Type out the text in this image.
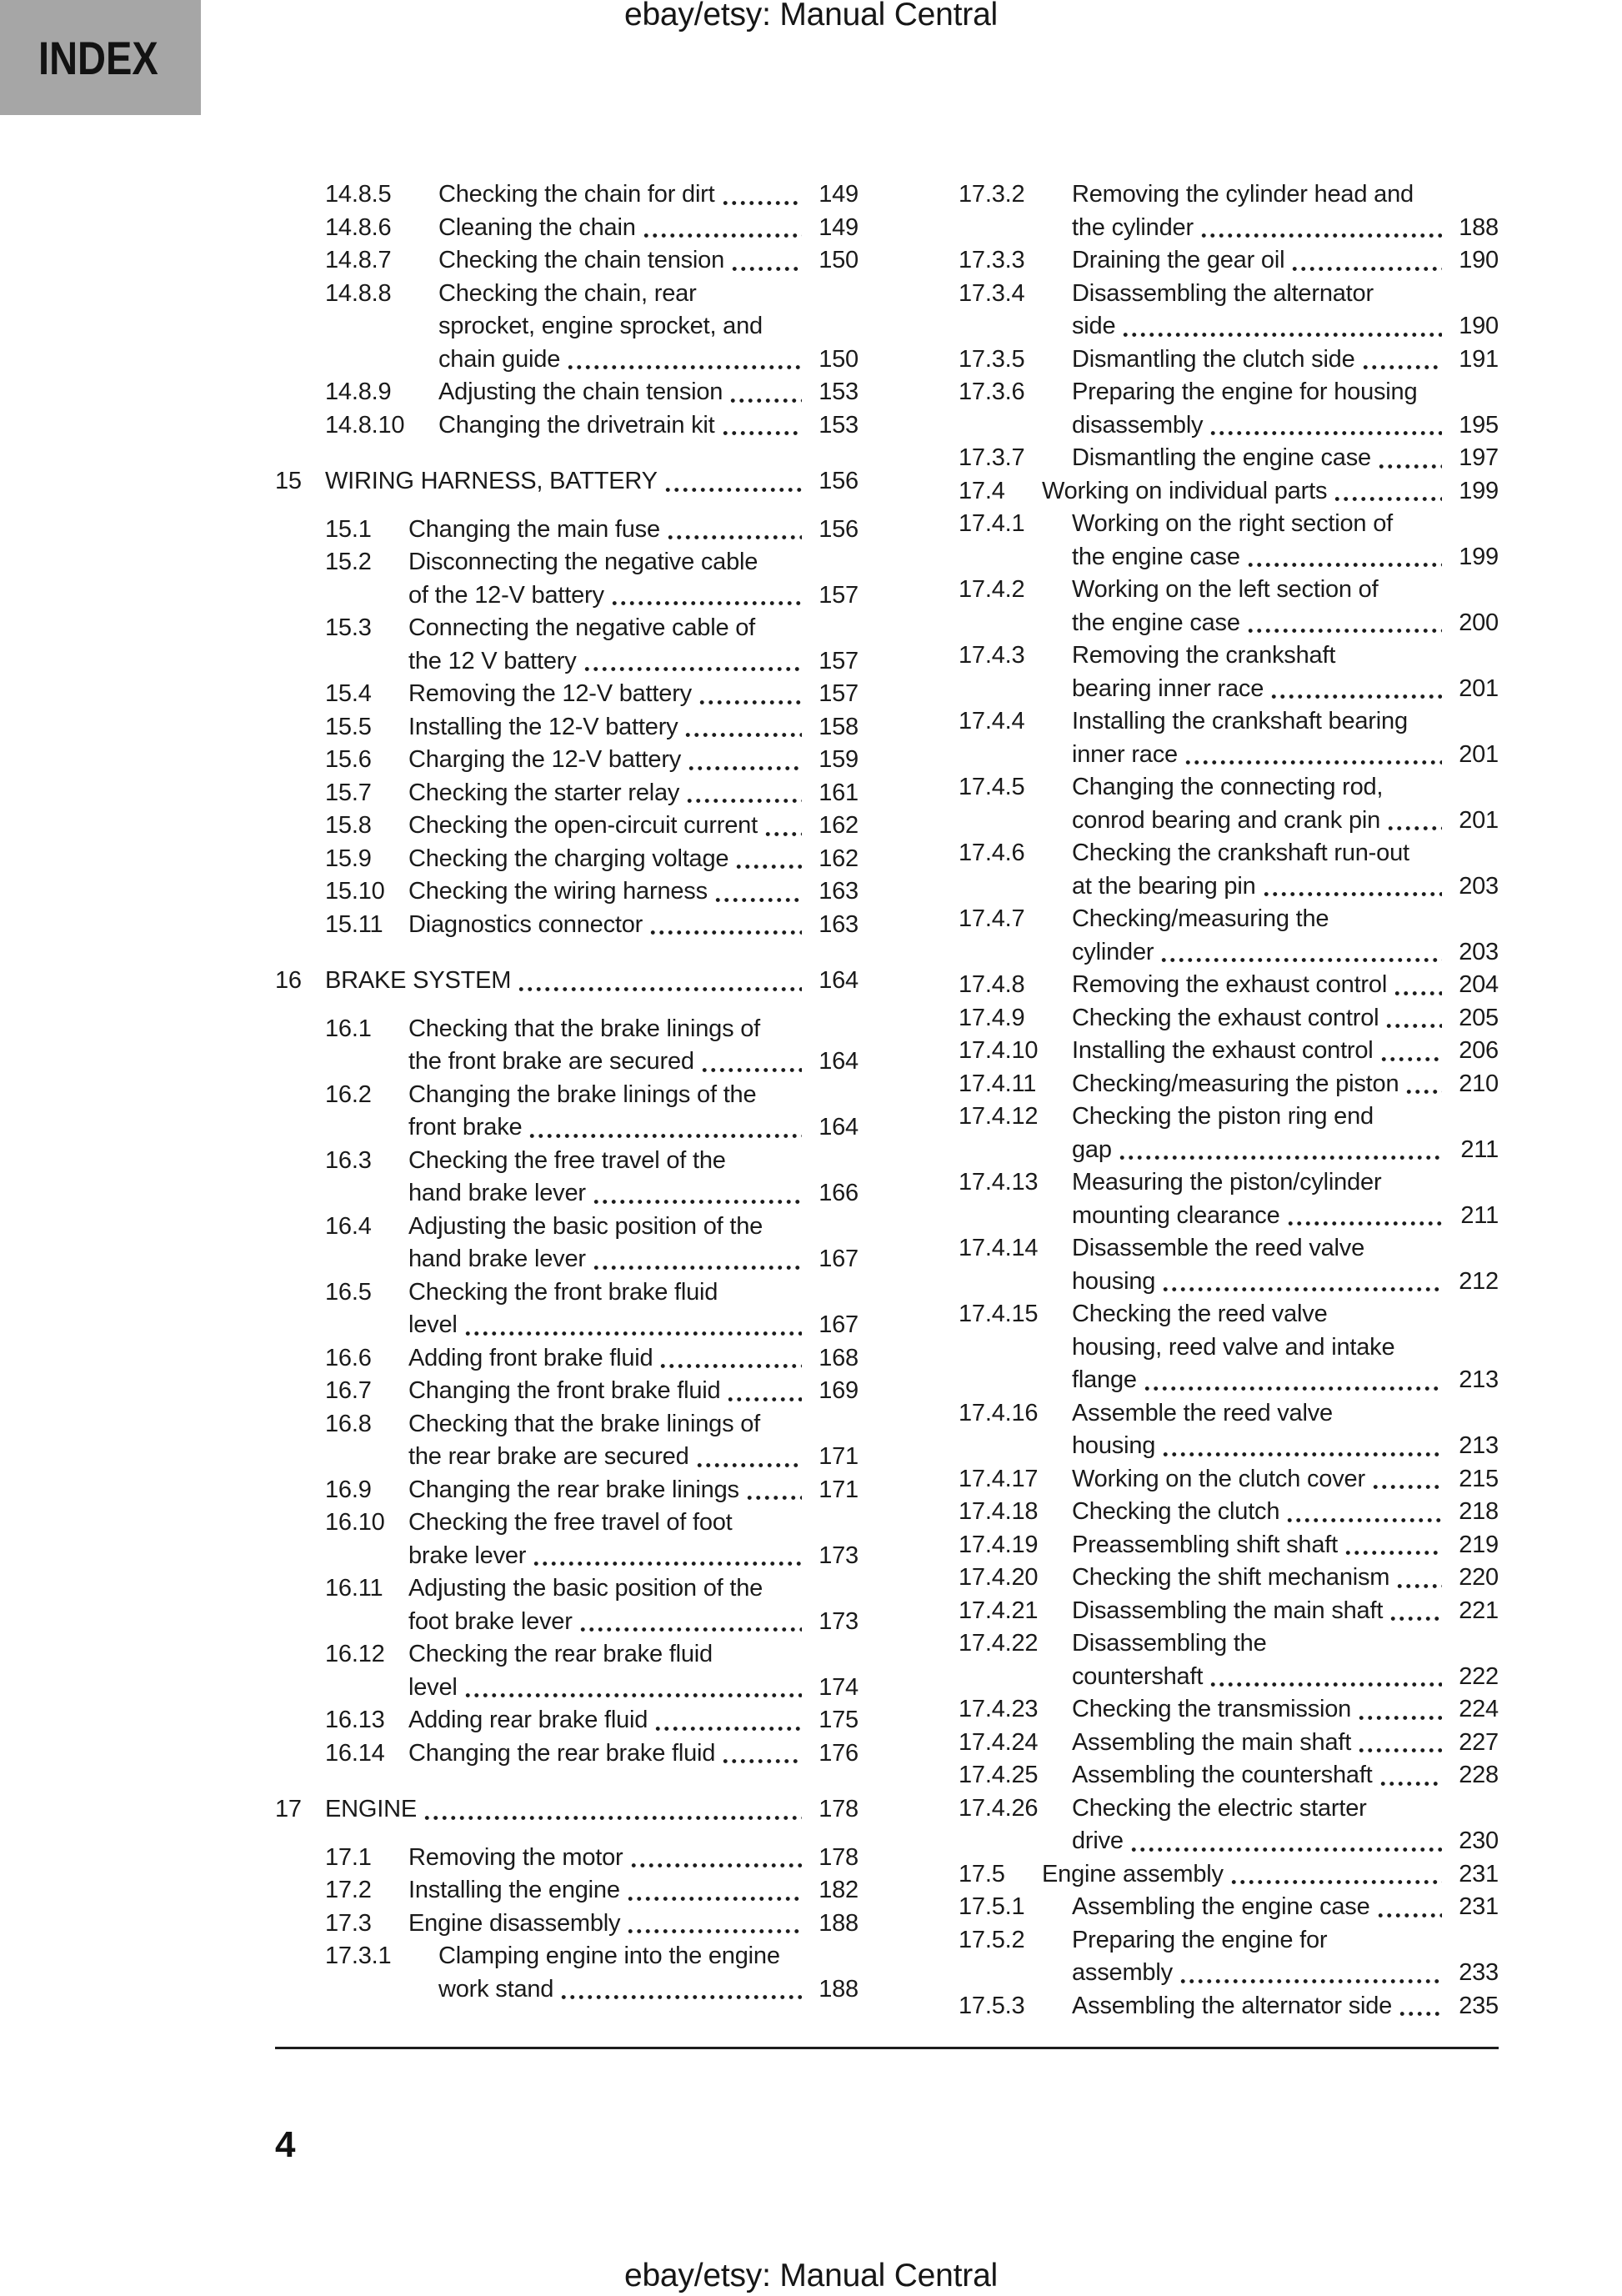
INDEX
ebay/etsy: Manual Central
14.8.5	Checking the chain for dirt	149
14.8.6	Cleaning the chain	149
14.8.7	Checking the chain tension	150
14.8.8	Checking the chain, rear
sprocket, engine sprocket, and
chain guide	150
14.8.9	Adjusting the chain tension	153
14.8.10	Changing the drivetrain kit	153
15 WIRING HARNESS, BATTERY	156
15.1	Changing the main fuse	156
15.2	Disconnecting the negative cable
of the 12-V battery	157
15.3	Connecting the negative cable of
the 12 V battery	157
15.4	Removing the 12-V battery	157
15.5	Installing the 12-V battery	158
15.6	Charging the 12-V battery	159
15.7	Checking the starter relay	161
15.8	Checking the open-circuit current	162
15.9	Checking the charging voltage	162
15.10 Checking the wiring harness	163
15.11	Diagnostics connector	163
16 BRAKE SYSTEM	164
16.1	Checking that the brake linings of
the front brake are secured	164
16.2	Changing the brake linings of the
front brake	164
16.3	Checking the free travel of the
hand brake lever	166
16.4	Adjusting the basic position of the
hand brake lever	167
16.5	Checking the front brake fluid
level	167
16.6	Adding front brake fluid	168
16.7	Changing the front brake fluid	169
16.8	Checking that the brake linings of
the rear brake are secured	171
16.9	Changing the rear brake linings	171
16.10 Checking the free travel of foot
brake lever	173
16.11	Adjusting the basic position of the
foot brake lever	173
16.12 Checking the rear brake fluid
level	174
16.13 Adding rear brake fluid	175
16.14 Changing the rear brake fluid	176
17 ENGINE	178
17.1	Removing the motor	178
17.2	Installing the engine	182
17.3	Engine disassembly	188
17.3.1	Clamping engine into the engine
work stand	188
17.3.2	Removing the cylinder head and
the cylinder	188
17.3.3	Draining the gear oil	190
17.3.4	Disassembling the alternator
side	190
17.3.5	Dismantling the clutch side	191
17.3.6	Preparing the engine for housing
disassembly	195
17.3.7	Dismantling the engine case	197
17.4	Working on individual parts	199
17.4.1	Working on the right section of
the engine case	199
17.4.2	Working on the left section of
the engine case	200
17.4.3	Removing the crankshaft
bearing inner race	201
17.4.4	Installing the crankshaft bearing
inner race	201
17.4.5	Changing the connecting rod,
conrod bearing and crank pin	201
17.4.6	Checking the crankshaft run-out
at the bearing pin	203
17.4.7	Checking/measuring the
cylinder	203
17.4.8	Removing the exhaust control	204
17.4.9	Checking the exhaust control	205
17.4.10	Installing the exhaust control	206
17.4.11	Checking/measuring the piston	210
17.4.12	Checking the piston ring end
gap	211
17.4.13	Measuring the piston/cylinder
mounting clearance	211
17.4.14	Disassemble the reed valve
housing	212
17.4.15	Checking the reed valve
housing, reed valve and intake
flange	213
17.4.16	Assemble the reed valve
housing	213
17.4.17	Working on the clutch cover	215
17.4.18	Checking the clutch	218
17.4.19	Preassembling shift shaft	219
17.4.20	Checking the shift mechanism	220
17.4.21	Disassembling the main shaft	221
17.4.22	Disassembling the
countershaft	222
17.4.23	Checking the transmission	224
17.4.24	Assembling the main shaft	227
17.4.25	Assembling the countershaft	228
17.4.26	Checking the electric starter
drive	230
17.5	Engine assembly	231
17.5.1	Assembling the engine case	231
17.5.2	Preparing the engine for
assembly	233
17.5.3	Assembling the alternator side	235
4
ebay/etsy: Manual Central
